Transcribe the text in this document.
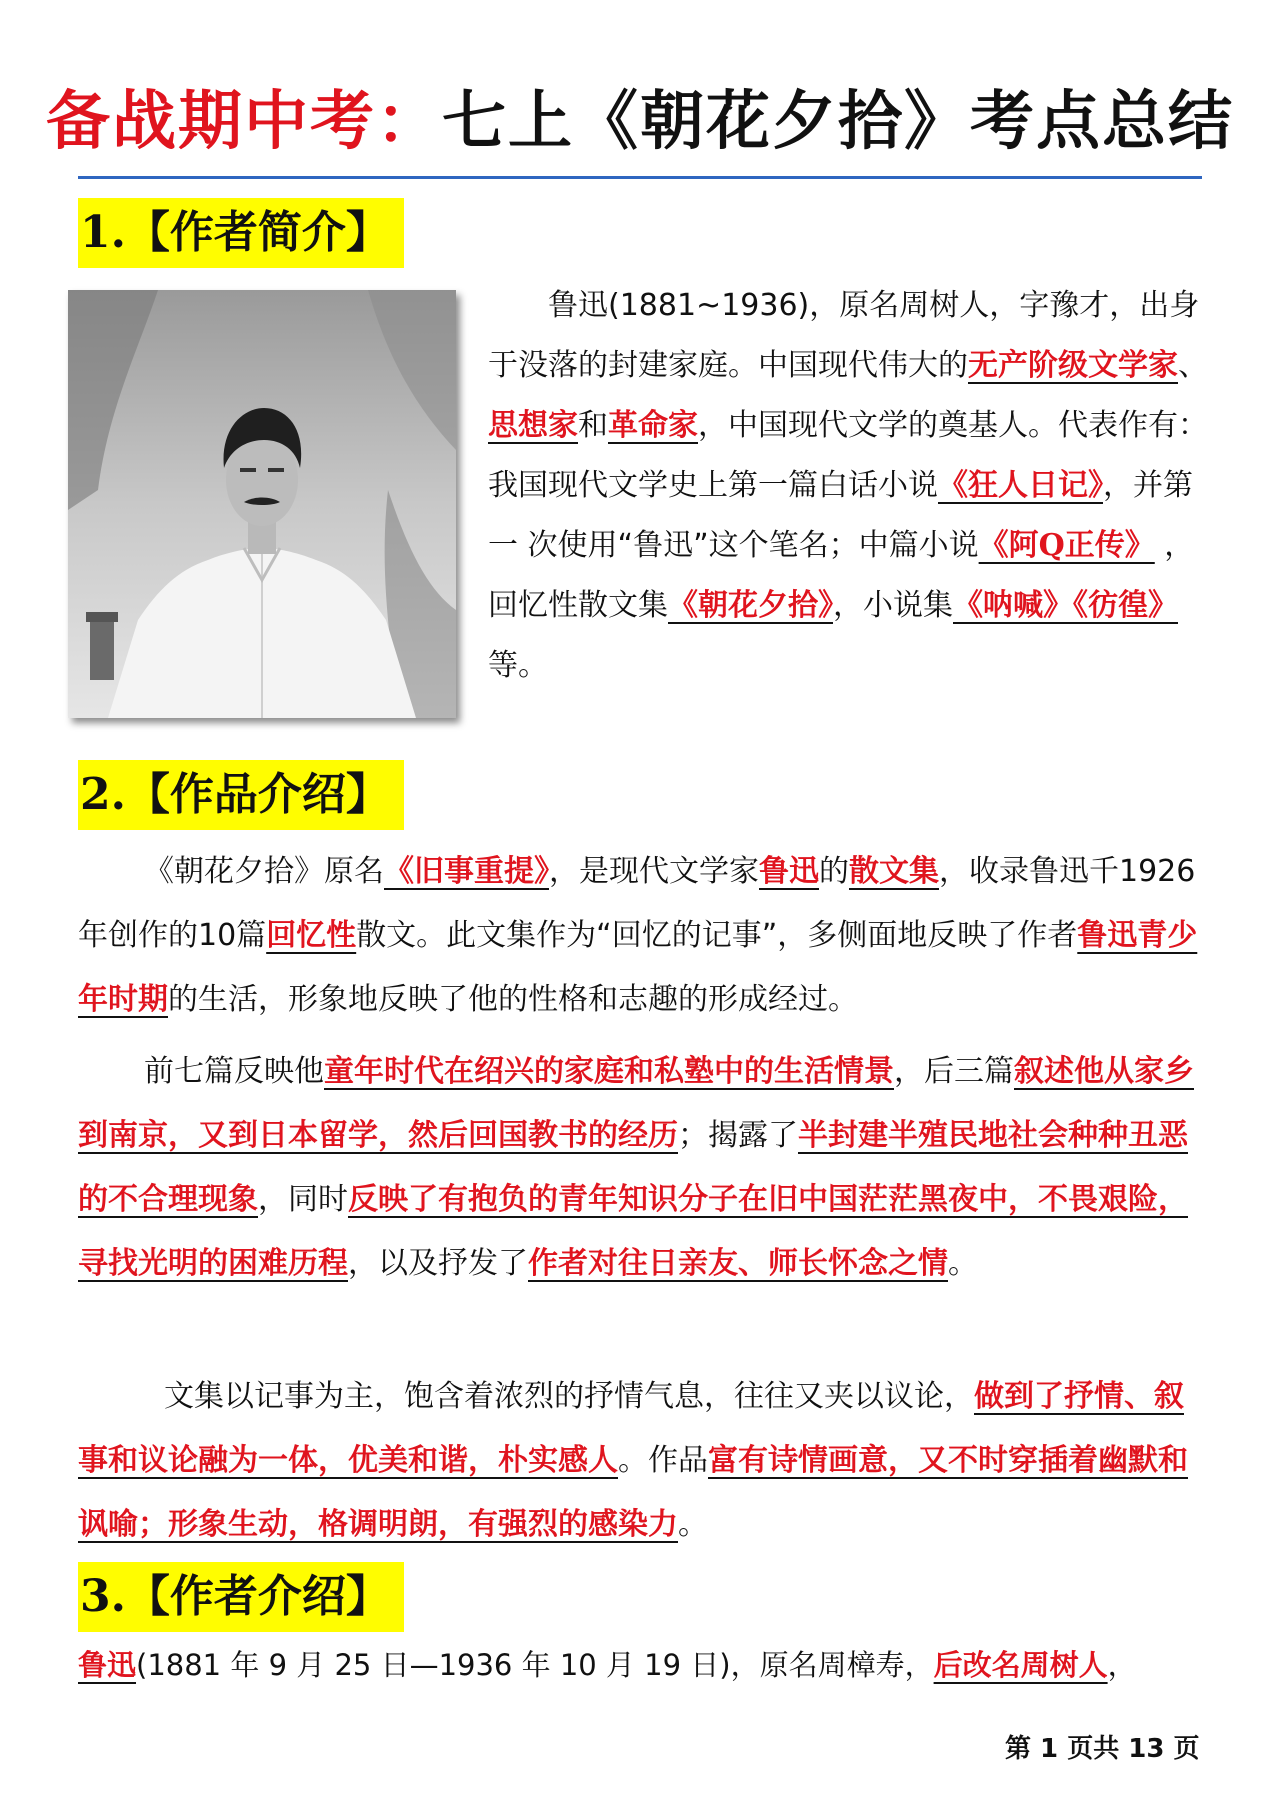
备战期中考：七上《朝花夕拾》考点总结
1.【作者简介】

鲁迅(1881~1936)，原名周树人，字豫才，出身于没落的封建家庭。中国现代伟大的无产阶级文学家、思想家和革命家，中国现代文学的奠基人。代表作有：我国现代文学史上第一篇白话小说《狂人日记》，并第一 次使用“鲁迅”这个笔名；中篇小说《阿Q正传》 ，回忆性散文集《朝花夕拾》，小说集《呐喊》《彷徨》等。

2.【作品介绍】

《朝花夕拾》原名《旧事重提》，是现代文学家鲁迅的散文集，收录鲁迅千1926年创作的10篇回忆性散文。此文集作为“回忆的记事”，多侧面地反映了作者鲁迅青少年时期的生活，形象地反映了他的性格和志趣的形成经过。

前七篇反映他童年时代在绍兴的家庭和私塾中的生活情景，后三篇叙述他从家乡到南京，又到日本留学，然后回国教书的经历；揭露了半封建半殖民地社会种种丑恶的不合理现象，同时反映了有抱负的青年知识分子在旧中国茫茫黑夜中，不畏艰险，寻找光明的困难历程，以及抒发了作者对往日亲友、师长怀念之情。

文集以记事为主，饱含着浓烈的抒情气息，往往又夹以议论，做到了抒情、叙事和议论融为一体，优美和谐，朴实感人。作品富有诗情画意，又不时穿插着幽默和讽喻；形象生动，格调明朗，有强烈的感染力。

3.【作者介绍】

鲁迅(1881 年 9 月 25 日—1936 年 10 月 19 日)，原名周樟寿，后改名周树人，

第 1 页共 13 页
